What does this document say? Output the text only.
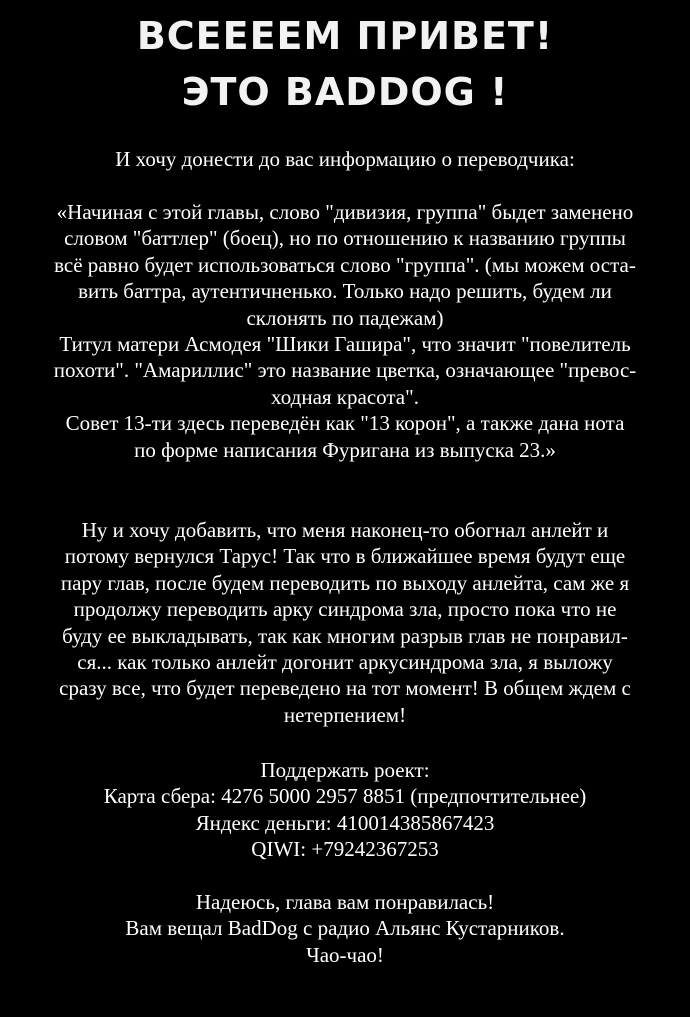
ВСЕЕЕЕМ ПРИВЕТ!
ЭТО BADDOG !
И хочу донести до вас информацию о переводчика:
«Начиная с этой главы, слово "дивизия, группа" быдет заменено
словом "баттлер" (боец), но по отношению к названию группы
всё равно будет использоваться слово "группа". (мы можем оста-
вить баттра, аутентичненько. Только надо решить, будем ли
склонять по падежам)
Титул матери Асмодея "Шики Гашира", что значит "повелитель
похоти". "Амариллис" это название цветка, означающее "превос-
ходная красота".
Совет 13-ти здесь переведён как "13 корон", а также дана нота
по форме написания Фуригана из выпуска 23.»
Ну и хочу добавить, что меня наконец-то обогнал анлейт и
потому вернулся Тарус! Так что в ближайшее время будут еще
пару глав, после будем переводить по выходу анлейта, сам же я
продолжу переводить арку синдрома зла, просто пока что не
буду ее выкладывать, так как многим разрыв глав не понравил-
ся... как только анлейт догонит аркусиндрома зла, я выложу
сразу все, что будет переведено на тот момент! В общем ждем с
нетерпением!
Поддержать роект:
Карта сбера: 4276 5000 2957 8851 (предпочтительнее)
Яндекс деньги: 410014385867423
QIWI: +79242367253
Надеюсь, глава вам понравилась!
Вам вещал BadDog с радио Альянс Кустарников.
Чао-чао!
